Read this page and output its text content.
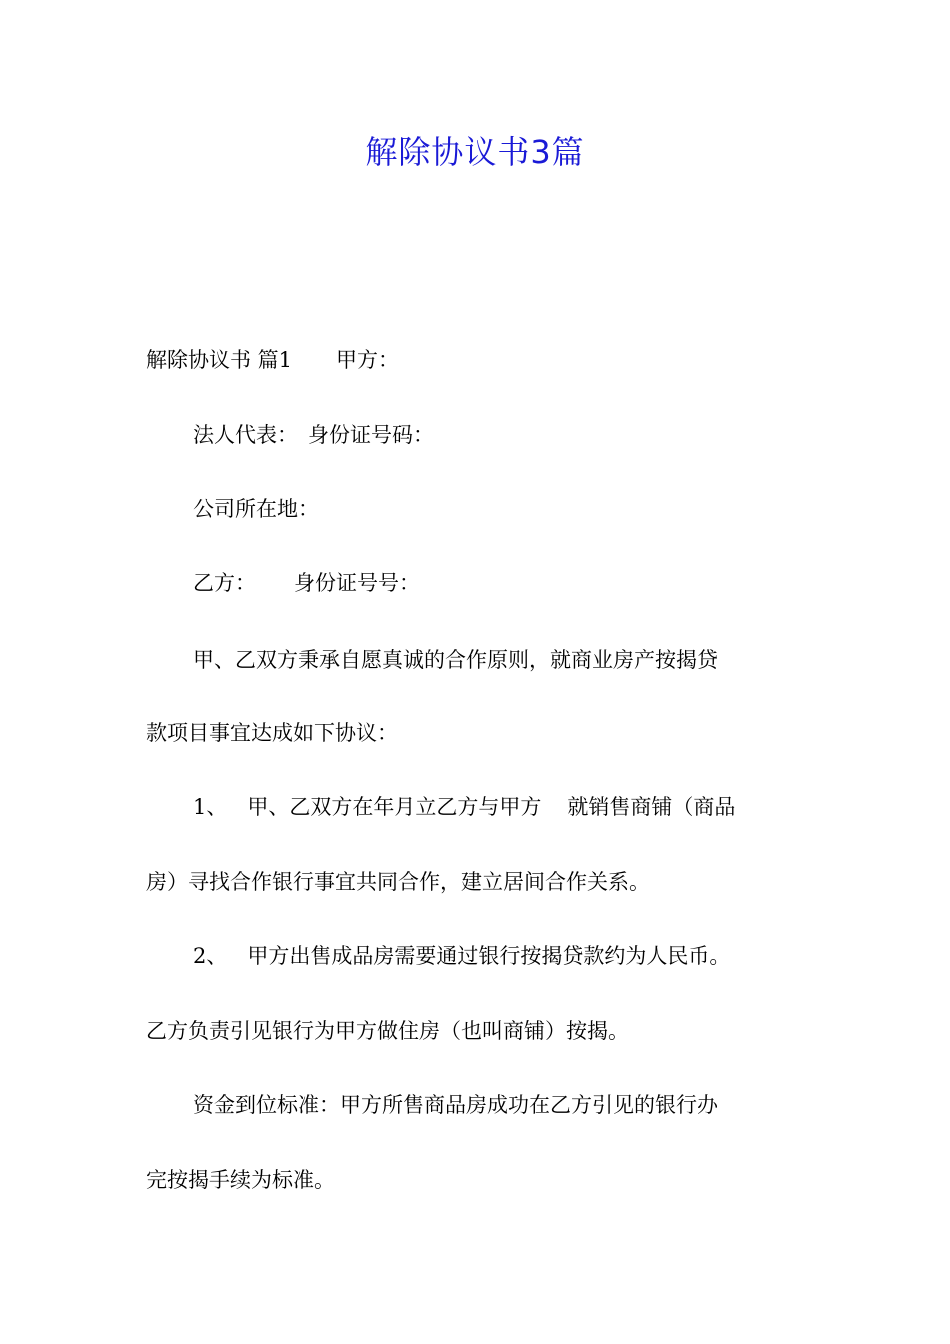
解除协议书3篇

解除协议书 篇1 甲方：

法人代表： 身份证号码：

公司所在地：

乙方： 身份证号号：

甲、乙双方秉承自愿真诚的合作原则，就商业房产按揭贷

款项目事宜达成如下协议：

1、 甲、乙双方在年月立乙方与甲方 就销售商铺（商品

房）寻找合作银行事宜共同合作，建立居间合作关系。

2、 甲方出售成品房需要通过银行按揭贷款约为人民币。

乙方负责引见银行为甲方做住房（也叫商铺）按揭。

资金到位标准：甲方所售商品房成功在乙方引见的银行办

完按揭手续为标准。
